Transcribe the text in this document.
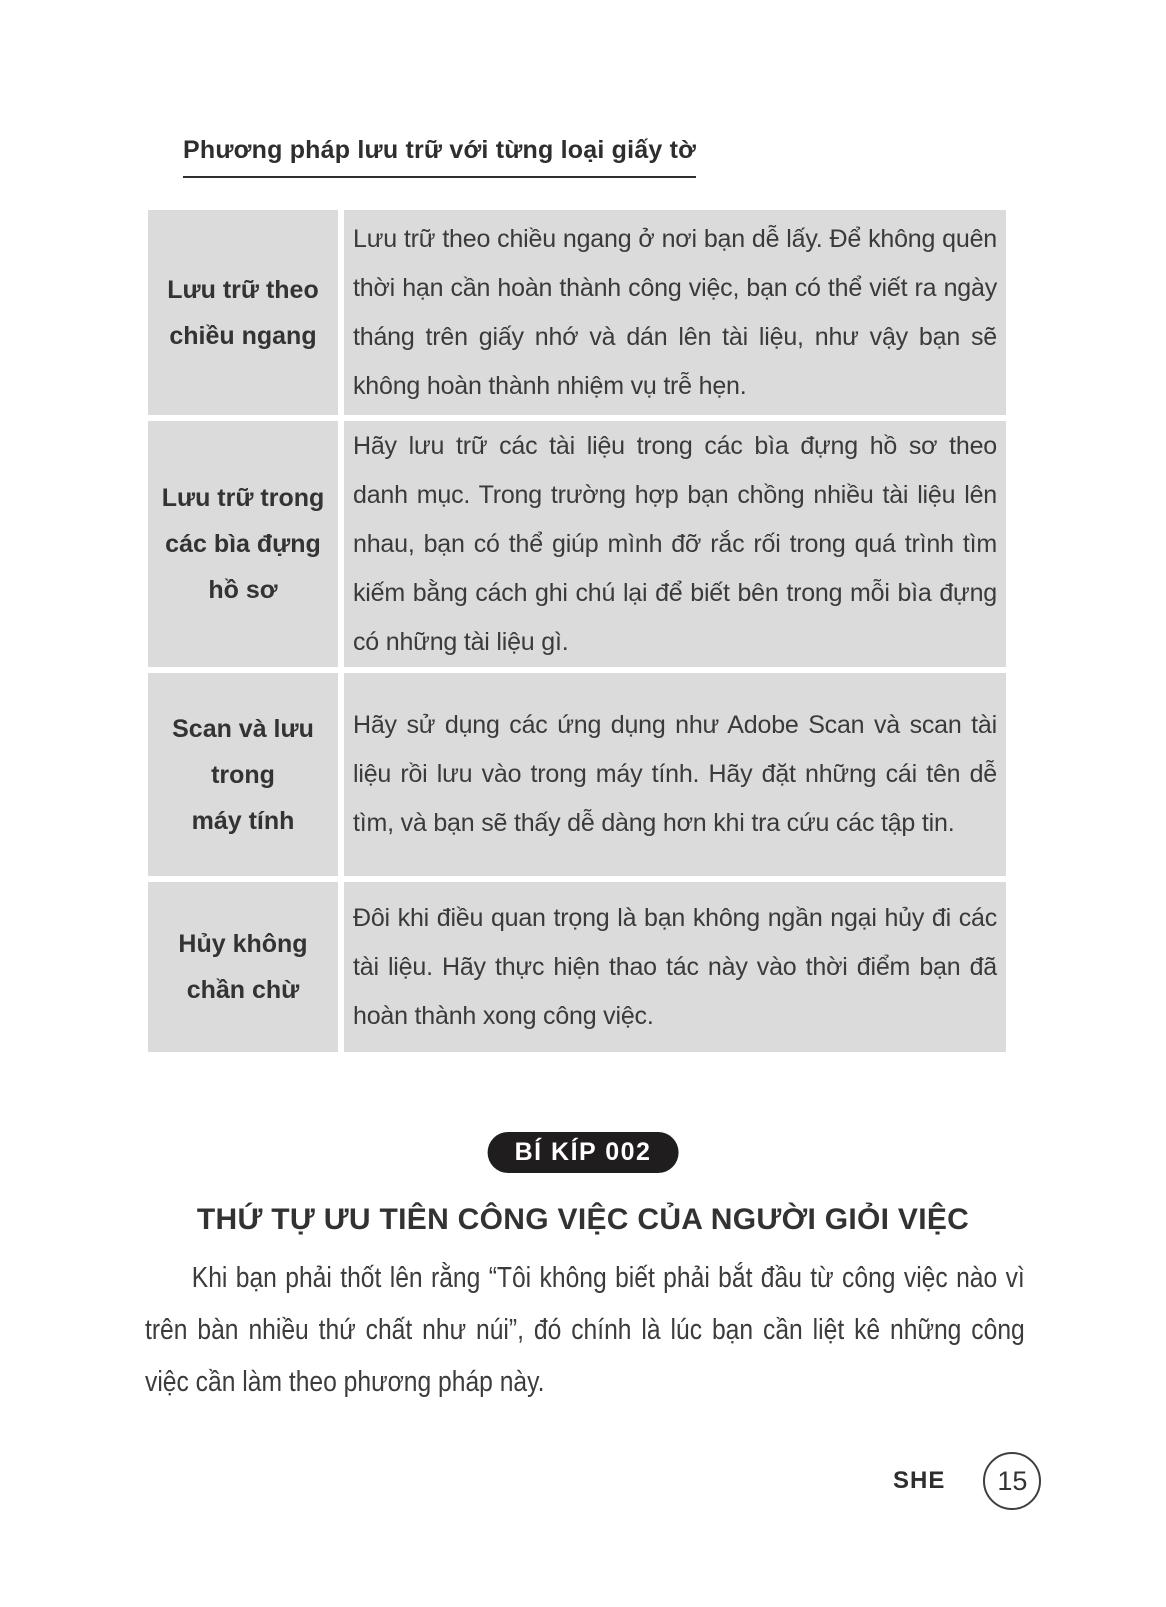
Phương pháp lưu trữ với từng loại giấy tờ
Lưu trữ theo
chiều ngang

Lưu trữ theo chiều ngang ở nơi bạn dễ lấy. Để không quên thời hạn cần hoàn thành công việc, bạn có thể viết ra ngày tháng trên giấy nhớ và dán lên tài liệu, như vậy bạn sẽ không hoàn thành nhiệm vụ trễ hẹn.

Lưu trữ trong
các bìa đựng
hồ sơ

Hãy lưu trữ các tài liệu trong các bìa đựng hồ sơ theo danh mục. Trong trường hợp bạn chồng nhiều tài liệu lên nhau, bạn có thể giúp mình đỡ rắc rối trong quá trình tìm kiếm bằng cách ghi chú lại để biết bên trong mỗi bìa đựng có những tài liệu gì.

Scan và lưu
trong
máy tính

Hãy sử dụng các ứng dụng như Adobe Scan và scan tài liệu rồi lưu vào trong máy tính. Hãy đặt những cái tên dễ tìm, và bạn sẽ thấy dễ dàng hơn khi tra cứu các tập tin.

Hủy không
chần chừ

Đôi khi điều quan trọng là bạn không ngần ngại hủy đi các tài liệu. Hãy thực hiện thao tác này vào thời điểm bạn đã hoàn thành xong công việc.

BÍ KÍP 002
THỨ TỰ ƯU TIÊN CÔNG VIỆC CỦA NGƯỜI GIỎI VIỆC

Khi bạn phải thốt lên rằng “Tôi không biết phải bắt đầu từ công việc nào vì trên bàn nhiều thứ chất như núi”, đó chính là lúc bạn cần liệt kê những công việc cần làm theo phương pháp này.

SHE 15
